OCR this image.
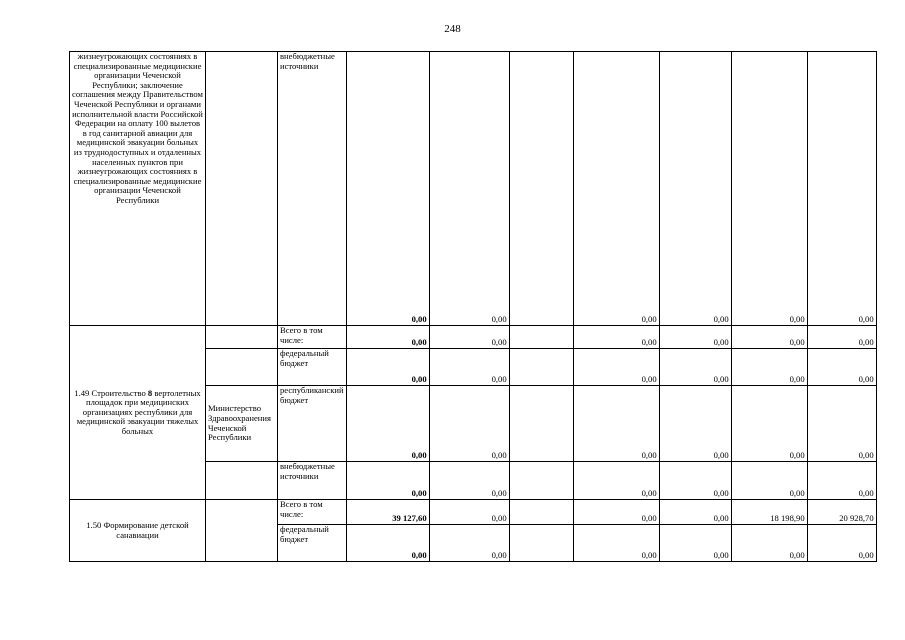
248
жизнеугрожающих состояниях в специализированные медицинские организации Чеченской Республики; заключение соглашения между Правительством Чеченской Республики и органами исполнительной власти Российской Федерации на оплату 100 вылетов в год санитарной авиации для медицинской эвакуации больных из труднодоступных и отдаленных населенных пунктов при жизнеугрожающих состояниях в специализированные медицинские организации Чеченской Республики		внебюджетные источники	0,00	0,00		0,00	0,00	0,00	0,00
1.49 Строительство 8 вертолетных площадок при медицинских организациях республики для медицинской эвакуации тяжелых больных		Всего в том числе:	0,00	0,00		0,00	0,00	0,00	0,00
		федеральный бюджет	0,00	0,00		0,00	0,00	0,00	0,00
	Министерство Здравоохранения Чеченской Республики	республиканский бюджет	0,00	0,00		0,00	0,00	0,00	0,00
		внебюджетные источники	0,00	0,00		0,00	0,00	0,00	0,00
1.50 Формирование детской санавиации		Всего в том числе:	39 127,60	0,00		0,00	0,00	18 198,90	20 928,70
		федеральный бюджет	0,00	0,00		0,00	0,00	0,00	0,00
